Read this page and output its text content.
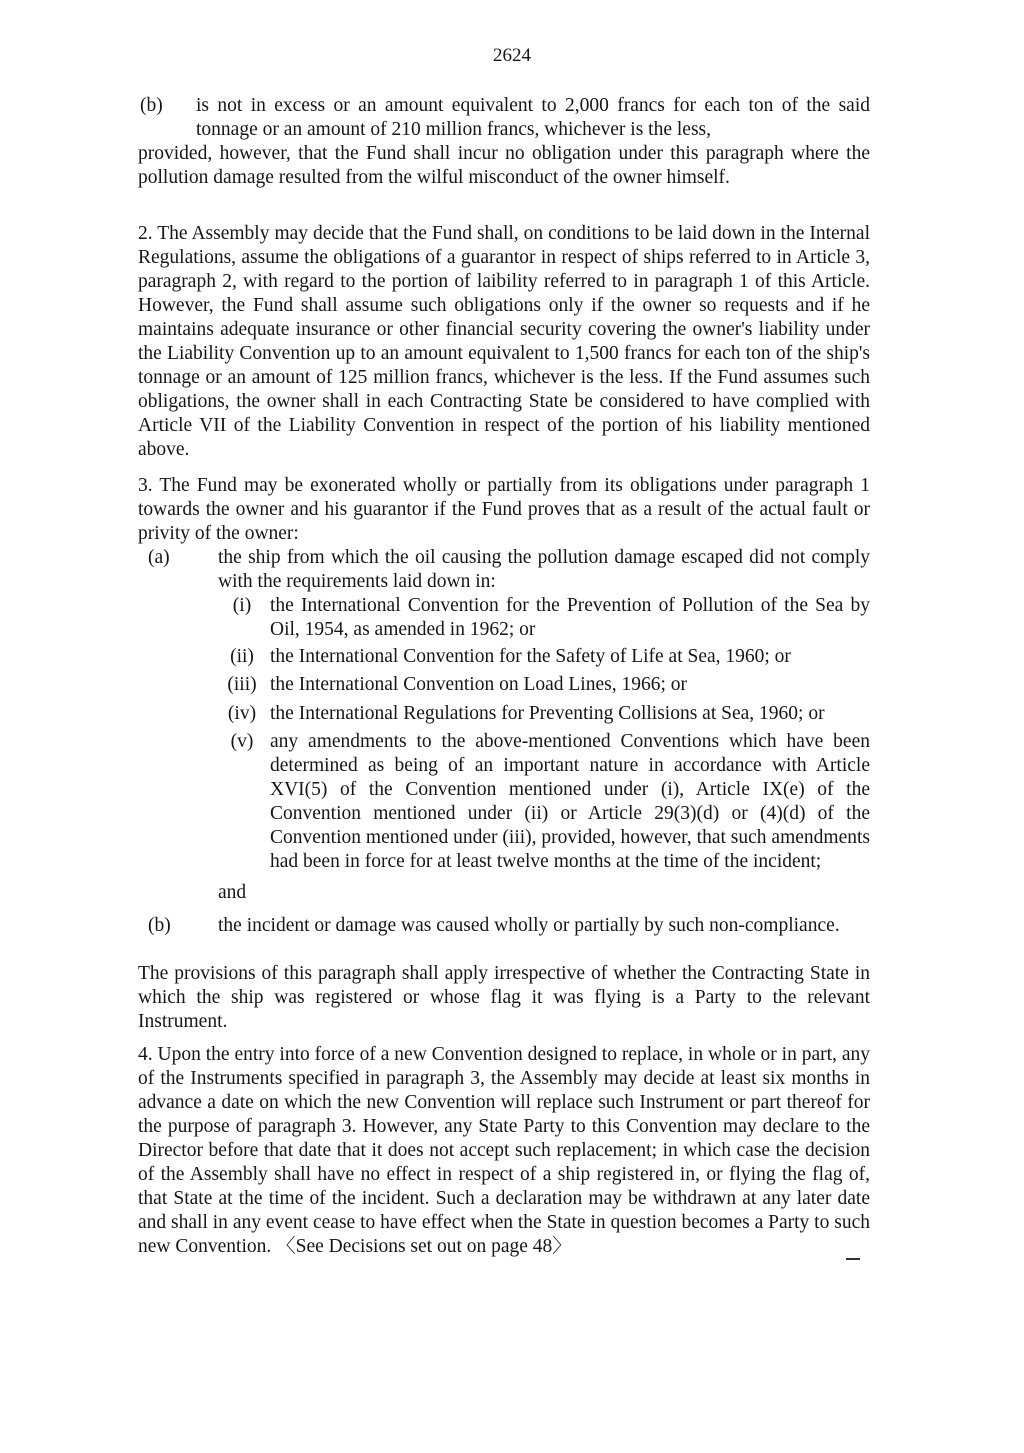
2624
(b)	is not in excess or an amount equivalent to 2,000 francs for each ton of the said tonnage or an amount of 210 million francs, whichever is the less,

provided, however, that the Fund shall incur no obligation under this paragraph where the pollution damage resulted from the wilful misconduct of the owner himself.

2. The Assembly may decide that the Fund shall, on conditions to be laid down in the Internal Regulations, assume the obligations of a guarantor in respect of ships referred to in Article 3, paragraph 2, with regard to the portion of laibility referred to in paragraph 1 of this Article. However, the Fund shall assume such obligations only if the owner so requests and if he maintains adequate insurance or other financial security covering the owner's liability under the Liability Convention up to an amount equivalent to 1,500 francs for each ton of the ship's tonnage or an amount of 125 million francs, whichever is the less. If the Fund assumes such obligations, the owner shall in each Contracting State be considered to have complied with Article VII of the Liability Convention in respect of the portion of his liability mentioned above.

3. The Fund may be exonerated wholly or partially from its obligations under paragraph 1 towards the owner and his guarantor if the Fund proves that as a result of the actual fault or privity of the owner:

(a)	the ship from which the oil causing the pollution damage escaped did not comply with the requirements laid down in:
(i) the International Convention for the Prevention of Pollution of the Sea by Oil, 1954, as amended in 1962; or
(ii) the International Convention for the Safety of Life at Sea, 1960; or
(iii) the International Convention on Load Lines, 1966; or
(iv) the International Regulations for Preventing Collisions at Sea, 1960; or
(v) any amendments to the above-mentioned Conventions which have been determined as being of an important nature in accordance with Article XVI(5) of the Convention mentioned under (i), Article IX(e) of the Convention mentioned under (ii) or Article 29(3)(d) or (4)(d) of the Convention mentioned under (iii), provided, however, that such amendments had been in force for at least twelve months at the time of the incident;
and
(b)	the incident or damage was caused wholly or partially by such non-compliance.

The provisions of this paragraph shall apply irrespective of whether the Contracting State in which the ship was registered or whose flag it was flying is a Party to the relevant Instrument.

4. Upon the entry into force of a new Convention designed to replace, in whole or in part, any of the Instruments specified in paragraph 3, the Assembly may decide at least six months in advance a date on which the new Convention will replace such Instrument or part thereof for the purpose of paragraph 3. However, any State Party to this Convention may declare to the Director before that date that it does not accept such replacement; in which case the decision of the Assembly shall have no effect in respect of a ship registered in, or flying the flag of, that State at the time of the incident. Such a declaration may be withdrawn at any later date and shall in any event cease to have effect when the State in question becomes a Party to such new Convention. 〈See Decisions set out on page 48〉
